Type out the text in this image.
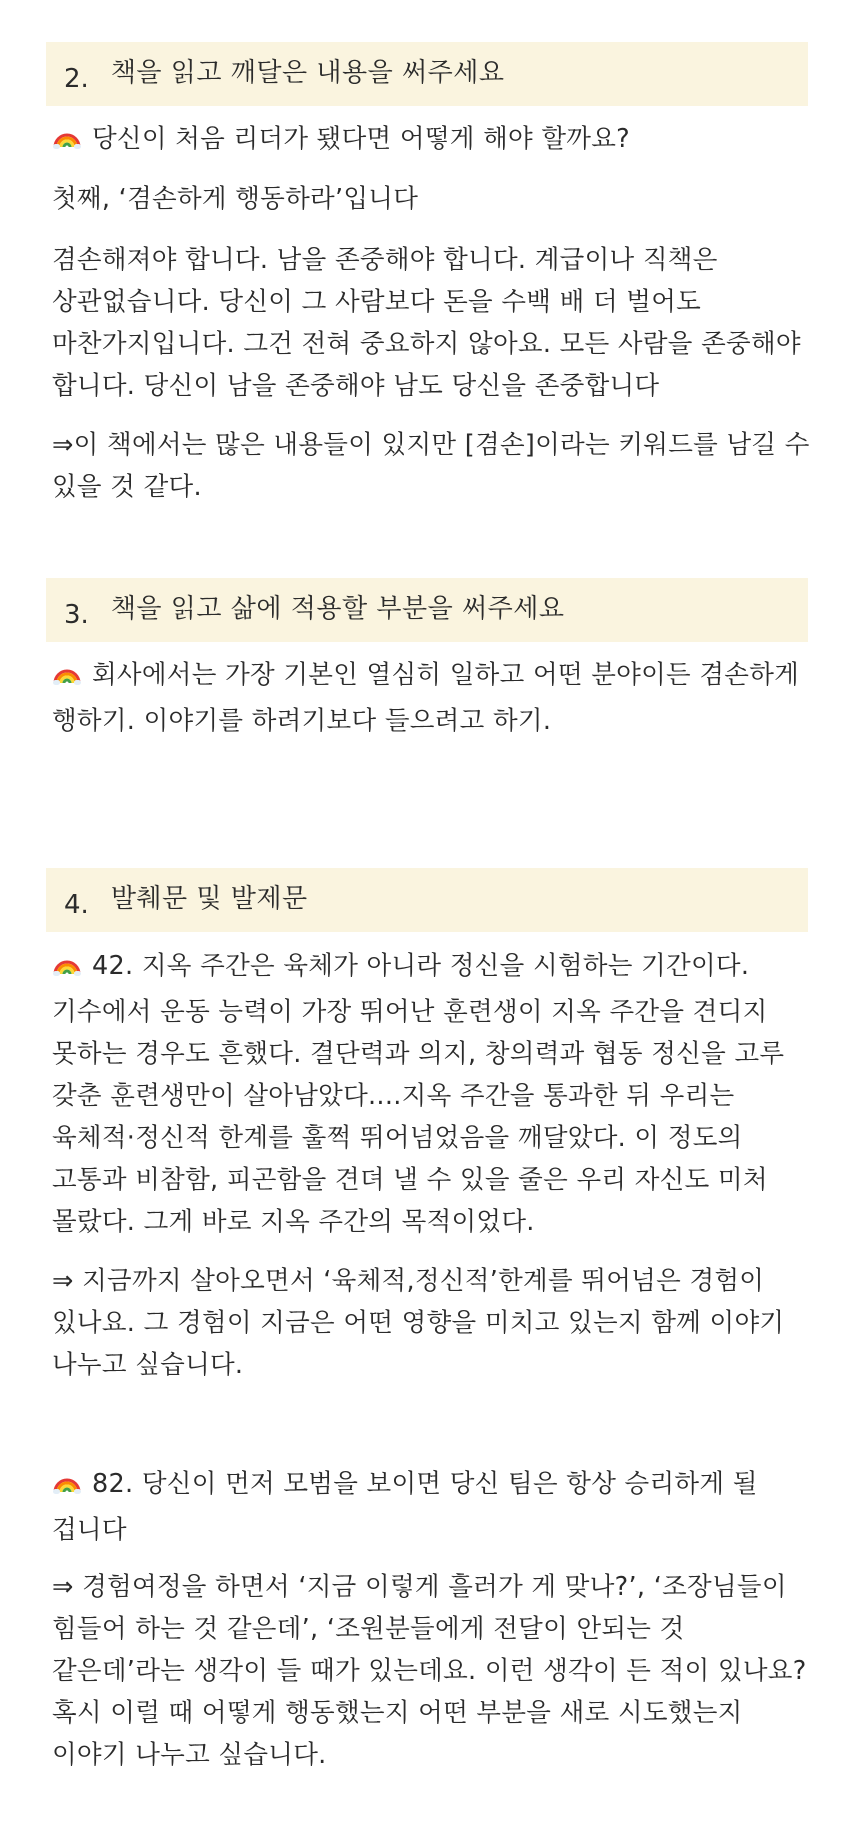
2. 책을 읽고 깨달은 내용을 써주세요
당신이 처음 리더가 됐다면 어떻게 해야 할까요?
첫째, ‘겸손하게 행동하라’입니다
겸손해져야 합니다. 남을 존중해야 합니다. 계급이나 직책은 상관없습니다. 당신이 그 사람보다 돈을 수백 배 더 벌어도 마찬가지입니다. 그건 전혀 중요하지 않아요. 모든 사람을 존중해야 합니다. 당신이 남을 존중해야 남도 당신을 존중합니다
⇒이 책에서는 많은 내용들이 있지만 [겸손]이라는 키워드를 남길 수 있을 것 같다.
3. 책을 읽고 삶에 적용할 부분을 써주세요
회사에서는 가장 기본인 열심히 일하고 어떤 분야이든 겸손하게 행하기. 이야기를 하려기보다 들으려고 하기.
4. 발췌문 및 발제문
42. 지옥 주간은 육체가 아니라 정신을 시험하는 기간이다. 기수에서 운동 능력이 가장 뛰어난 훈련생이 지옥 주간을 견디지 못하는 경우도 흔했다. 결단력과 의지, 창의력과 협동 정신을 고루 갖춘 훈련생만이 살아남았다....지옥 주간을 통과한 뒤 우리는 육체적·정신적 한계를 훌쩍 뛰어넘었음을 깨달았다. 이 정도의 고통과 비참함, 피곤함을 견뎌 낼 수 있을 줄은 우리 자신도 미처 몰랐다. 그게 바로 지옥 주간의 목적이었다.
⇒ 지금까지 살아오면서 ‘육체적,정신적’한계를 뛰어넘은 경험이 있나요. 그 경험이 지금은 어떤 영향을 미치고 있는지 함께 이야기 나누고 싶습니다.
82. 당신이 먼저 모범을 보이면 당신 팀은 항상 승리하게 될 겁니다
⇒ 경험여정을 하면서 ‘지금 이렇게 흘러가 게 맞나?’, ‘조장님들이 힘들어 하는 것 같은데’, ‘조원분들에게 전달이 안되는 것 같은데’라는 생각이 들 때가 있는데요. 이런 생각이 든 적이 있나요? 혹시 이럴 때 어떻게 행동했는지 어떤 부분을 새로 시도했는지 이야기 나누고 싶습니다.
